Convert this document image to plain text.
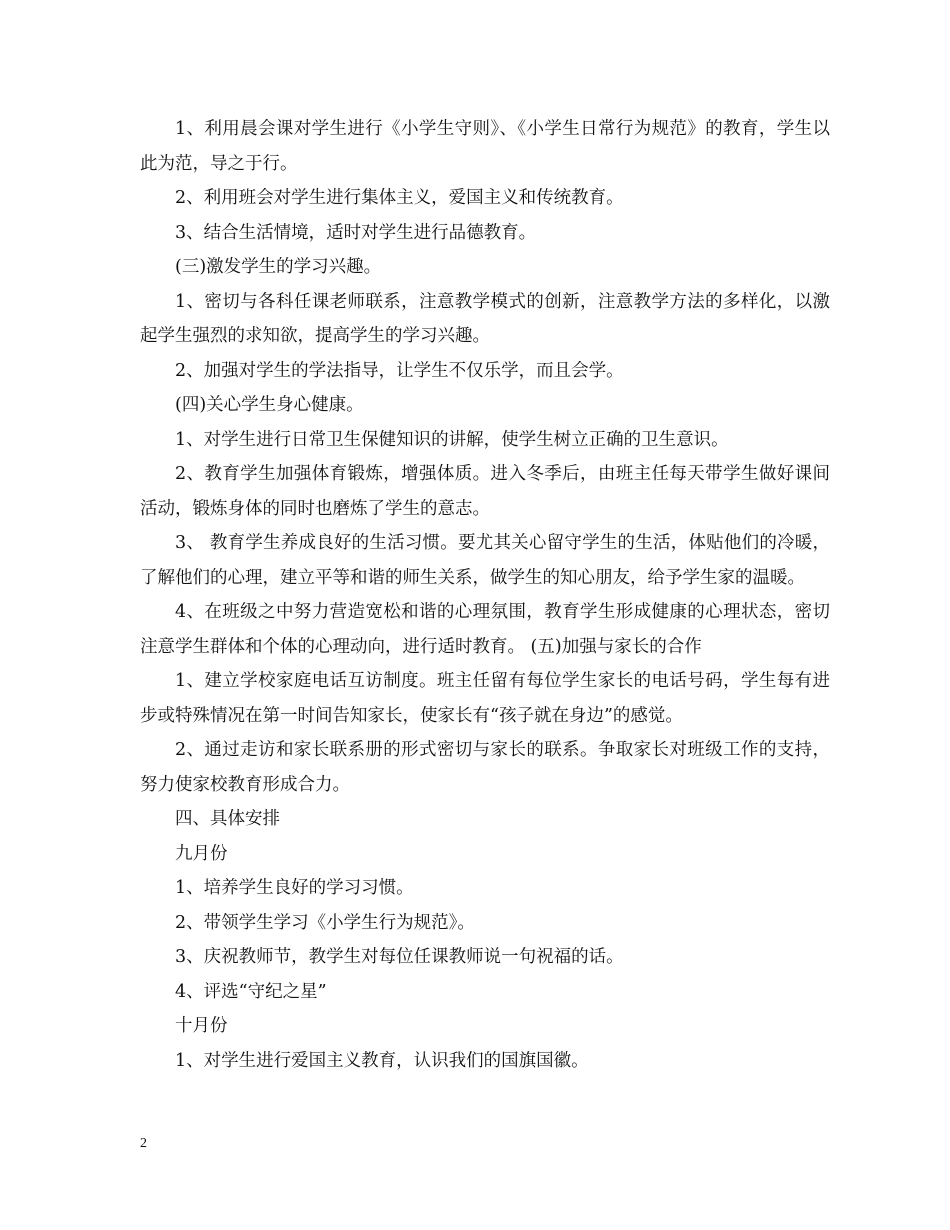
1、利用晨会课对学生进行《小学生守则》、《小学生日常行为规范》的教育，学生以此为范，导之于行。

2、利用班会对学生进行集体主义，爱国主义和传统教育。

3、结合生活情境，适时对学生进行品德教育。

(三)激发学生的学习兴趣。

1、密切与各科任课老师联系，注意教学模式的创新，注意教学方法的多样化，以激起学生强烈的求知欲，提高学生的学习兴趣。

2、加强对学生的学法指导，让学生不仅乐学，而且会学。

(四)关心学生身心健康。

1、对学生进行日常卫生保健知识的讲解，使学生树立正确的卫生意识。

2、教育学生加强体育锻炼，增强体质。进入冬季后，由班主任每天带学生做好课间活动，锻炼身体的同时也磨炼了学生的意志。

3、 教育学生养成良好的生活习惯。要尤其关心留守学生的生活，体贴他们的冷暖，了解他们的心理，建立平等和谐的师生关系，做学生的知心朋友，给予学生家的温暖。

4、在班级之中努力营造宽松和谐的心理氛围，教育学生形成健康的心理状态，密切注意学生群体和个体的心理动向，进行适时教育。 (五)加强与家长的合作

1、建立学校家庭电话互访制度。班主任留有每位学生家长的电话号码，学生每有进步或特殊情况在第一时间告知家长，使家长有“孩子就在身边”的感觉。

2、通过走访和家长联系册的形式密切与家长的联系。争取家长对班级工作的支持，努力使家校教育形成合力。

四、具体安排

九月份

1、培养学生良好的学习习惯。

2、带领学生学习《小学生行为规范》。

3、庆祝教师节，教学生对每位任课教师说一句祝福的话。

4、评选“守纪之星”

十月份

1、对学生进行爱国主义教育，认识我们的国旗国徽。

2
